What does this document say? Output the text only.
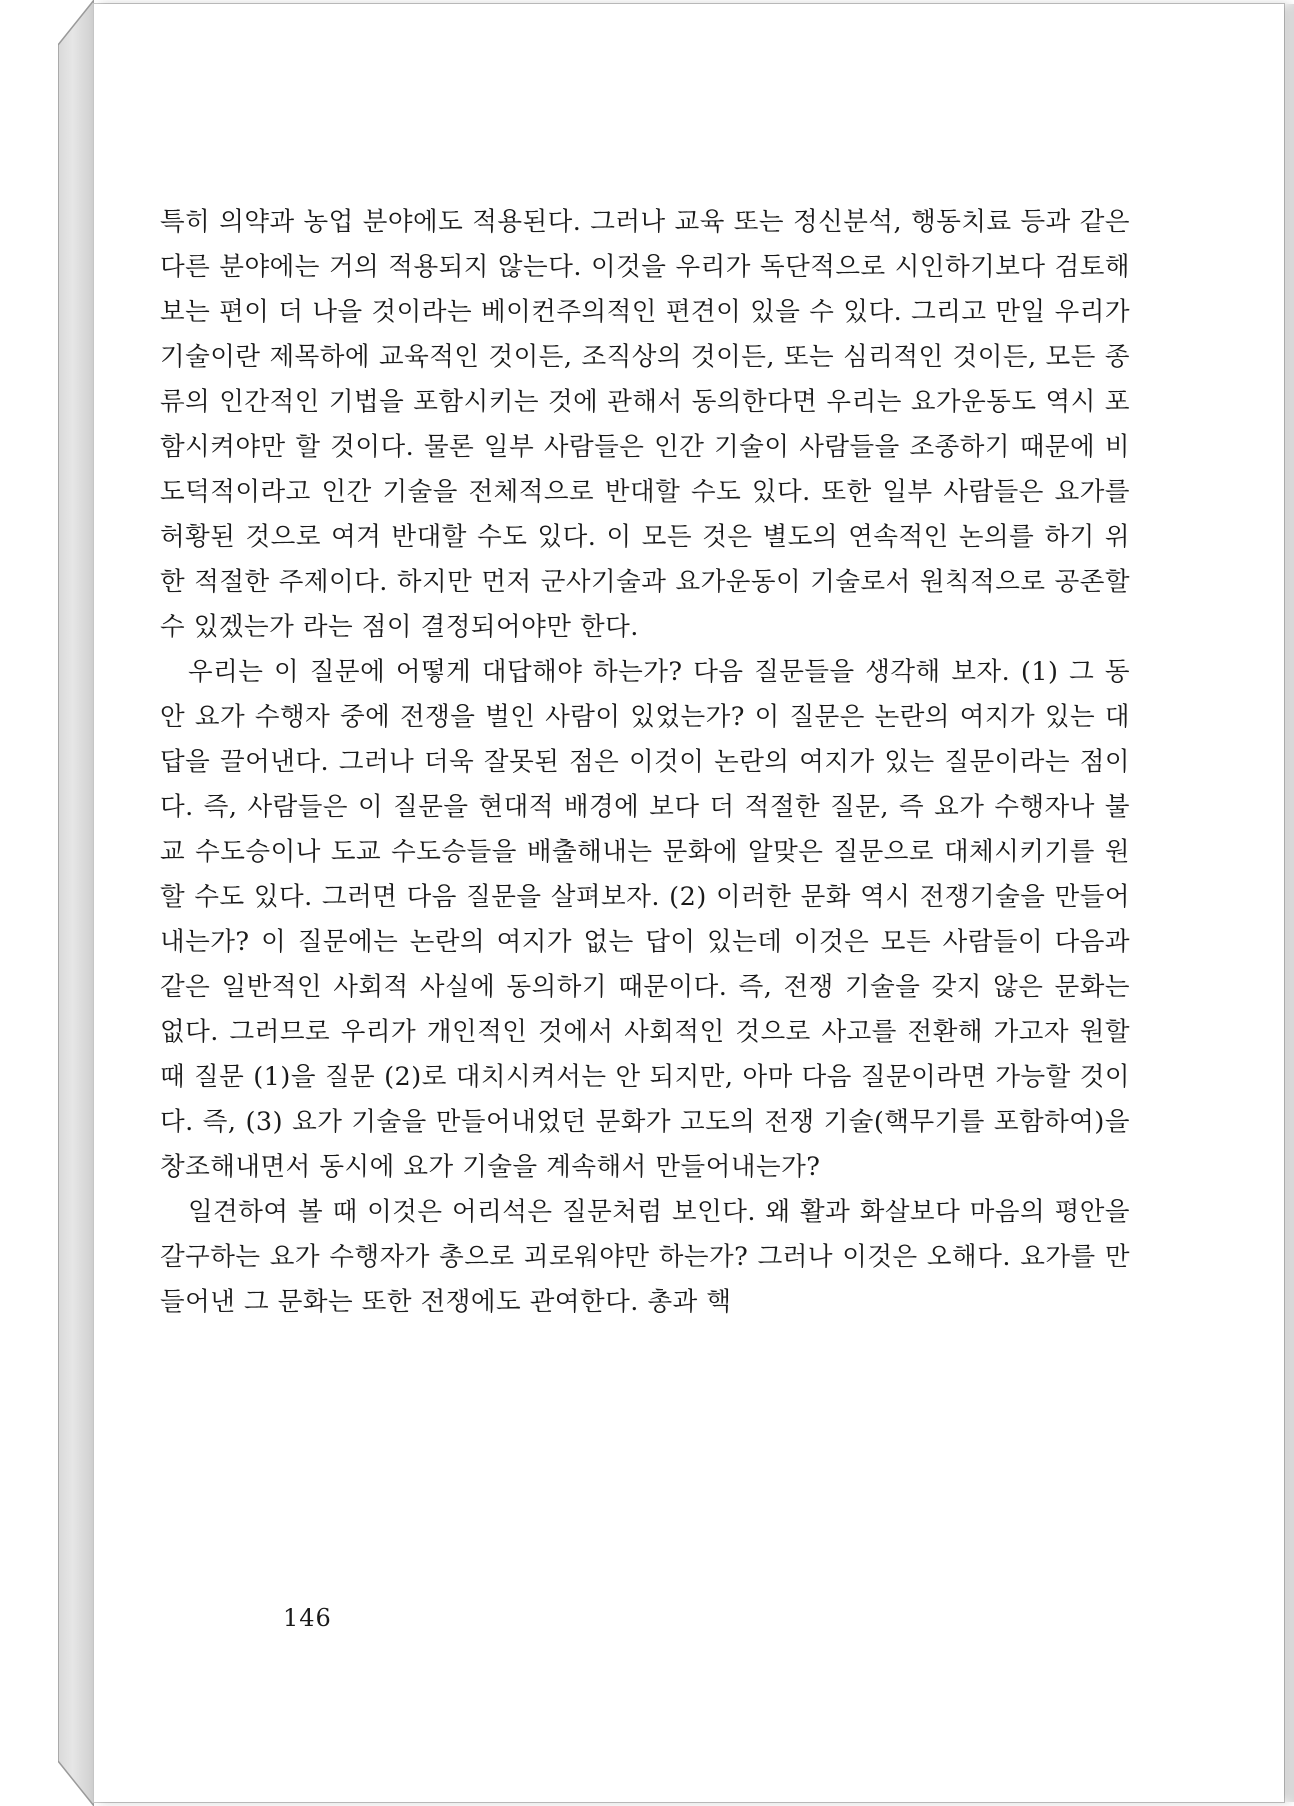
특히 의약과 농업 분야에도 적용된다. 그러나 교육 또는 정신분석, 행동치료 등과 같은 다른 분야에는 거의 적용되지 않는다. 이것을 우리가 독단적으로 시인하기보다 검토해 보는 편이 더 나을 것이라는 베이컨주의적인 편견이 있을 수 있다. 그리고 만일 우리가 기술이란 제목하에 교육적인 것이든, 조직상의 것이든, 또는 심리적인 것이든, 모든 종류의 인간적인 기법을 포함시키는 것에 관해서 동의한다면 우리는 요가운동도 역시 포함시켜야만 할 것이다. 물론 일부 사람들은 인간 기술이 사람들을 조종하기 때문에 비도덕적이라고 인간 기술을 전체적으로 반대할 수도 있다. 또한 일부 사람들은 요가를 허황된 것으로 여겨 반대할 수도 있다. 이 모든 것은 별도의 연속적인 논의를 하기 위한 적절한 주제이다. 하지만 먼저 군사기술과 요가운동이 기술로서 원칙적으로 공존할 수 있겠는가 라는 점이 결정되어야만 한다.

우리는 이 질문에 어떻게 대답해야 하는가? 다음 질문들을 생각해 보자. (1) 그 동안 요가 수행자 중에 전쟁을 벌인 사람이 있었는가? 이 질문은 논란의 여지가 있는 대답을 끌어낸다. 그러나 더욱 잘못된 점은 이것이 논란의 여지가 있는 질문이라는 점이다. 즉, 사람들은 이 질문을 현대적 배경에 보다 더 적절한 질문, 즉 요가 수행자나 불교 수도승이나 도교 수도승들을 배출해내는 문화에 알맞은 질문으로 대체시키기를 원할 수도 있다. 그러면 다음 질문을 살펴보자. (2) 이러한 문화 역시 전쟁기술을 만들어내는가? 이 질문에는 논란의 여지가 없는 답이 있는데 이것은 모든 사람들이 다음과 같은 일반적인 사회적 사실에 동의하기 때문이다. 즉, 전쟁 기술을 갖지 않은 문화는 없다. 그러므로 우리가 개인적인 것에서 사회적인 것으로 사고를 전환해 가고자 원할 때 질문 (1)을 질문 (2)로 대치시켜서는 안 되지만, 아마 다음 질문이라면 가능할 것이다. 즉, (3) 요가 기술을 만들어내었던 문화가 고도의 전쟁 기술(핵무기를 포함하여)을 창조해내면서 동시에 요가 기술을 계속해서 만들어내는가?

일견하여 볼 때 이것은 어리석은 질문처럼 보인다. 왜 활과 화살보다 마음의 평안을 갈구하는 요가 수행자가 총으로 괴로워야만 하는가? 그러나 이것은 오해다. 요가를 만들어낸 그 문화는 또한 전쟁에도 관여한다. 총과 핵

146
